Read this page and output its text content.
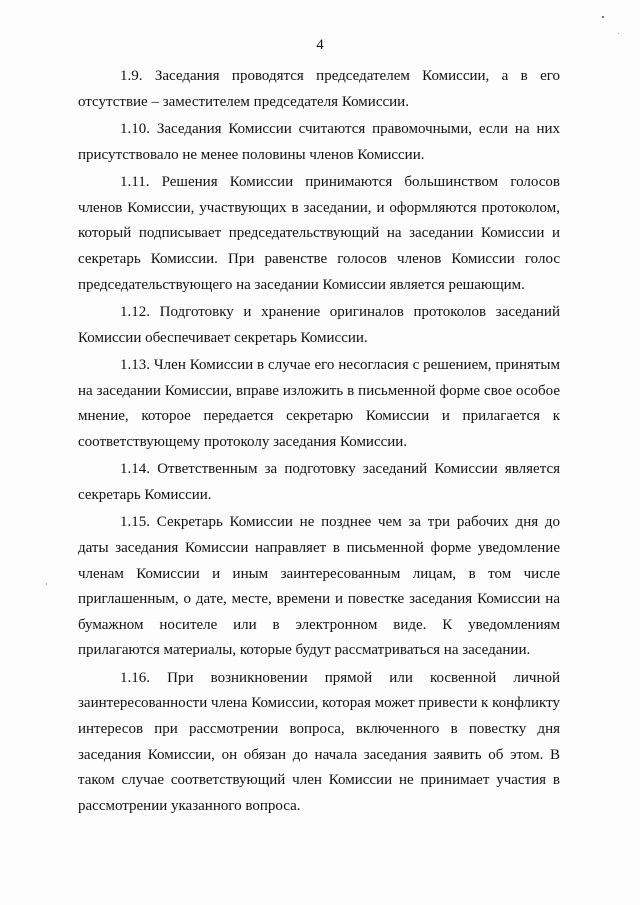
4

1.9. Заседания проводятся председателем Комиссии, а в его отсутствие – заместителем председателя Комиссии.

1.10. Заседания Комиссии считаются правомочными, если на них присутствовало не менее половины членов Комиссии.

1.11. Решения Комиссии принимаются большинством голосов членов Комиссии, участвующих в заседании, и оформляются протоколом, который подписывает председательствующий на заседании Комиссии и секретарь Комиссии. При равенстве голосов членов Комиссии голос председательствующего на заседании Комиссии является решающим.

1.12. Подготовку и хранение оригиналов протоколов заседаний Комиссии обеспечивает секретарь Комиссии.

1.13. Член Комиссии в случае его несогласия с решением, принятым на заседании Комиссии, вправе изложить в письменной форме свое особое мнение, которое передается секретарю Комиссии и прилагается к соответствующему протоколу заседания Комиссии.

1.14. Ответственным за подготовку заседаний Комиссии является секретарь Комиссии.

1.15. Секретарь Комиссии не позднее чем за три рабочих дня до даты заседания Комиссии направляет в письменной форме уведомление членам Комиссии и иным заинтересованным лицам, в том числе приглашенным, о дате, месте, времени и повестке заседания Комиссии на бумажном носителе или в электронном виде. К уведомлениям прилагаются материалы, которые будут рассматриваться на заседании.

1.16. При возникновении прямой или косвенной личной заинтересованности члена Комиссии, которая может привести к конфликту интересов при рассмотрении вопроса, включенного в повестку дня заседания Комиссии, он обязан до начала заседания заявить об этом. В таком случае соответствующий член Комиссии не принимает участия в рассмотрении указанного вопроса.
